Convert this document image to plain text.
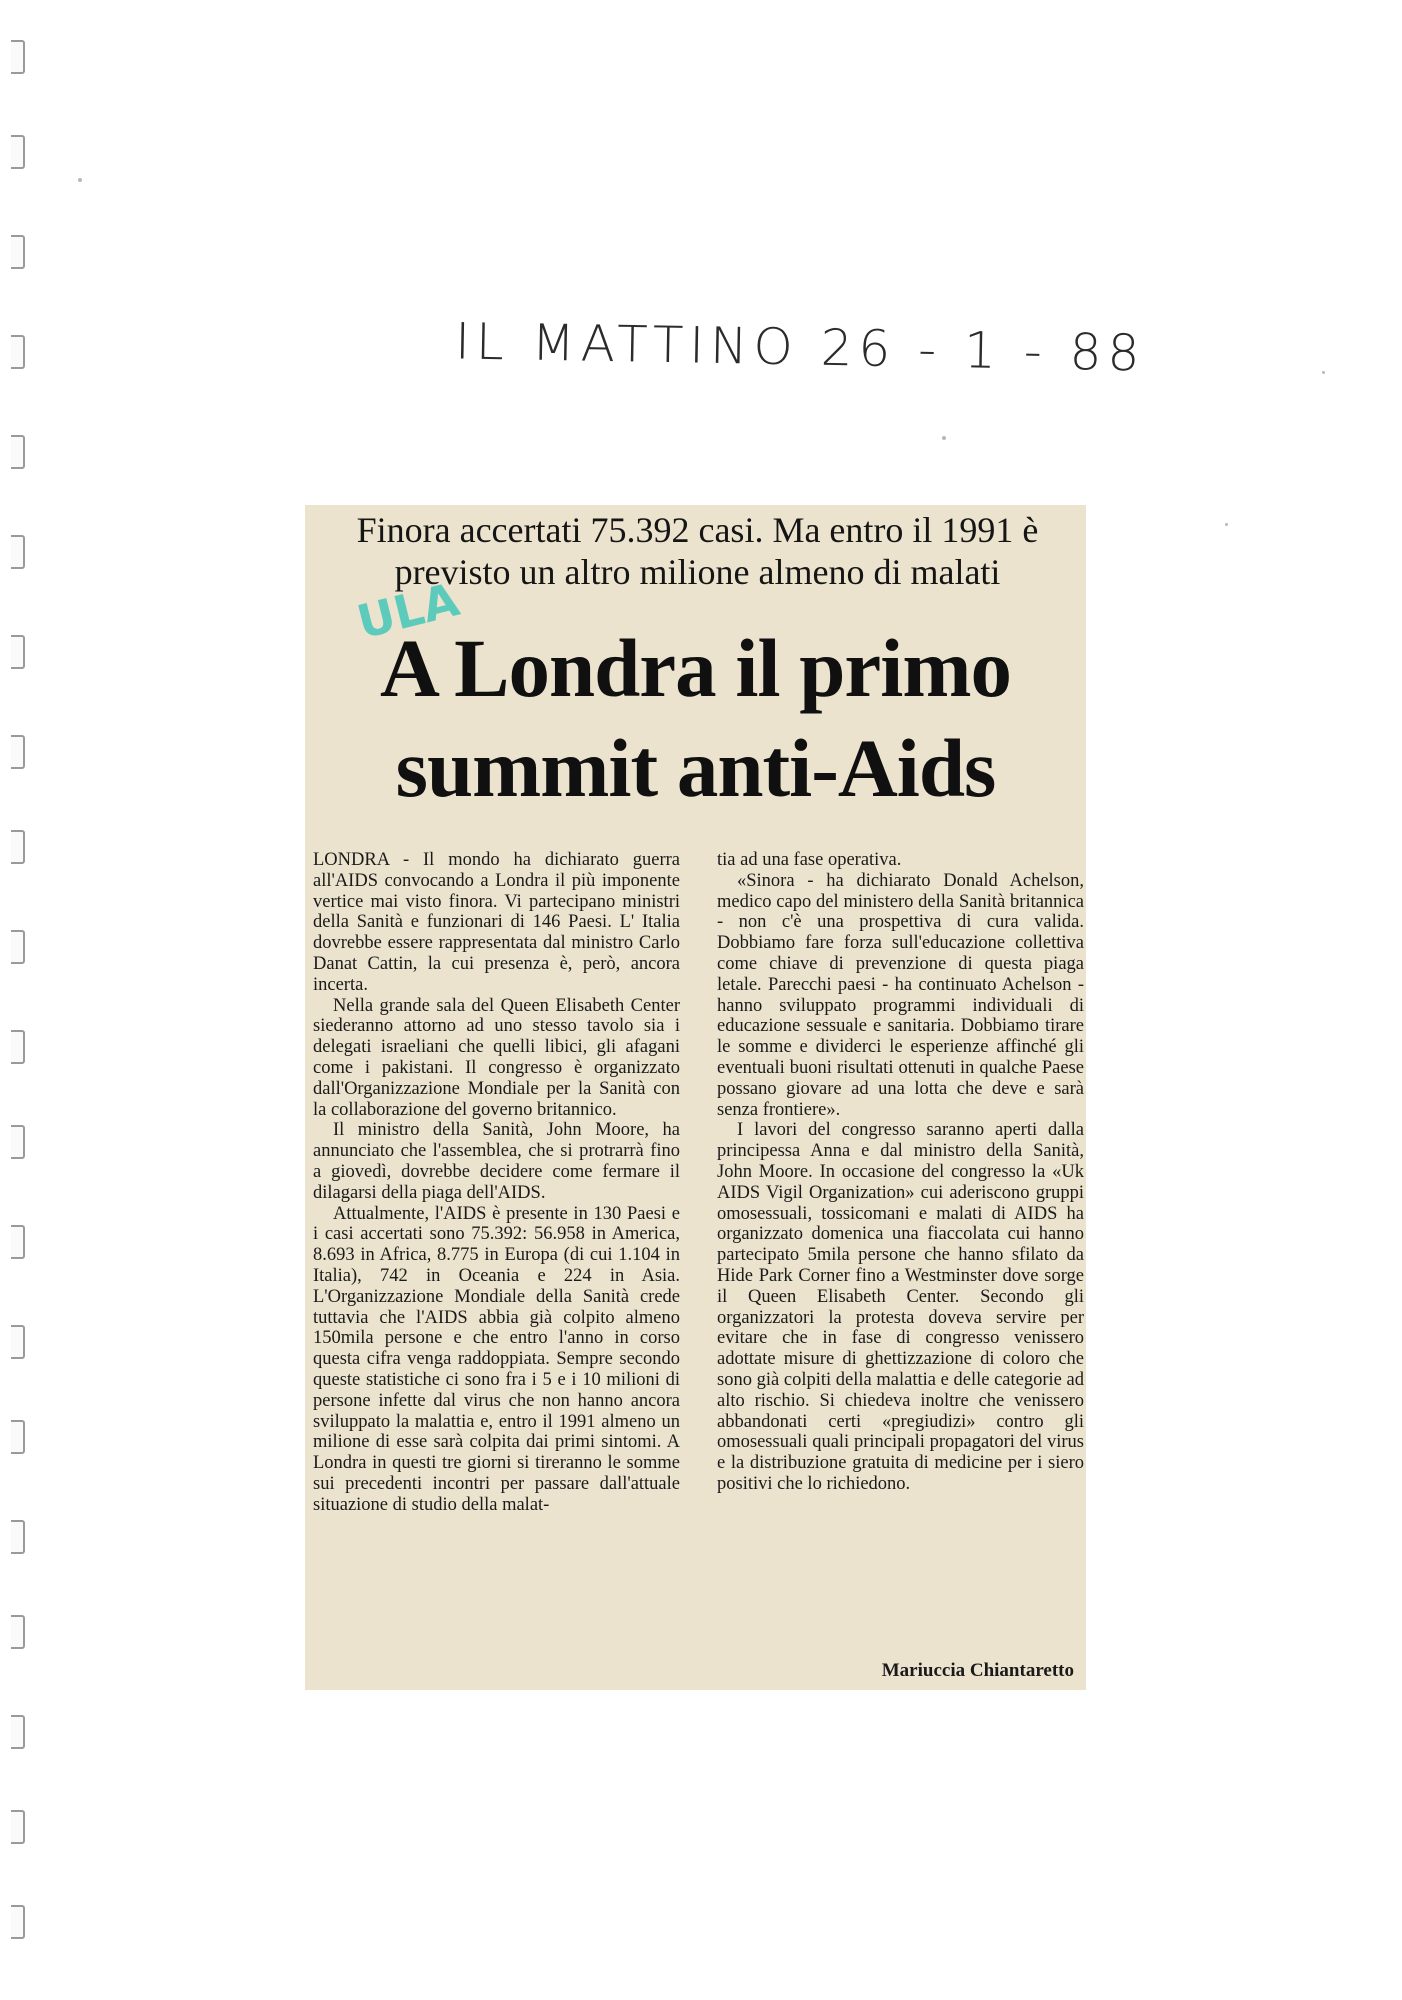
IL MATTINO 26 - 1 - 88
Finora accertati 75.392 casi. Ma entro il 1991 è previsto un altro milione almeno di malati
ULA
A Londra il primo summit anti-Aids

LONDRA - Il mondo ha dichiarato guerra all'AIDS convocando a Londra il più imponente vertice mai visto finora. Vi partecipano ministri della Sanità e funzionari di 146 Paesi. L' Italia dovrebbe essere rappresentata dal ministro Carlo Danat Cattin, la cui presenza è, però, ancora incerta.

Nella grande sala del Queen Elisabeth Center siederanno attorno ad uno stesso tavolo sia i delegati israeliani che quelli libici, gli afagani come i pakistani. Il congresso è organizzato dall'Organizzazione Mondiale per la Sanità con la collaborazione del governo britannico.

Il ministro della Sanità, John Moore, ha annunciato che l'assemblea, che si protrarrà fino a giovedì, dovrebbe decidere come fermare il dilagarsi della piaga dell'AIDS.

Attualmente, l'AIDS è presente in 130 Paesi e i casi accertati sono 75.392: 56.958 in America, 8.693 in Africa, 8.775 in Europa (di cui 1.104 in Italia), 742 in Oceania e 224 in Asia. L'Organizzazione Mondiale della Sanità crede tuttavia che l'AIDS abbia già colpito almeno 150mila persone e che entro l'anno in corso questa cifra venga raddoppiata. Sempre secondo queste statistiche ci sono fra i 5 e i 10 milioni di persone infette dal virus che non hanno ancora sviluppato la malattia e, entro il 1991 almeno un milione di esse sarà colpita dai primi sintomi. A Londra in questi tre giorni si tireranno le somme sui precedenti incontri per passare dall'attuale situazione di studio della malat-

tia ad una fase operativa.

«Sinora - ha dichiarato Donald Achelson, medico capo del ministero della Sanità britannica - non c'è una prospettiva di cura valida. Dobbiamo fare forza sull'educazione collettiva come chiave di prevenzione di questa piaga letale. Parecchi paesi - ha continuato Achelson - hanno sviluppato programmi individuali di educazione sessuale e sanitaria. Dobbiamo tirare le somme e dividerci le esperienze affinché gli eventuali buoni risultati ottenuti in qualche Paese possano giovare ad una lotta che deve e sarà senza frontiere».

I lavori del congresso saranno aperti dalla principessa Anna e dal ministro della Sanità, John Moore. In occasione del congresso la «Uk AIDS Vigil Organization» cui aderiscono gruppi omosessuali, tossicomani e malati di AIDS ha organizzato domenica una fiaccolata cui hanno partecipato 5mila persone che hanno sfilato da Hide Park Corner fino a Westminster dove sorge il Queen Elisabeth Center. Secondo gli organizzatori la protesta doveva servire per evitare che in fase di congresso venissero adottate misure di ghettizzazione di coloro che sono già colpiti della malattia e delle categorie ad alto rischio. Si chiedeva inoltre che venissero abbandonati certi «pregiudizi» contro gli omosessuali quali principali propagatori del virus e la distribuzione gratuita di medicine per i siero positivi che lo richiedono.

Mariuccia Chiantaretto
